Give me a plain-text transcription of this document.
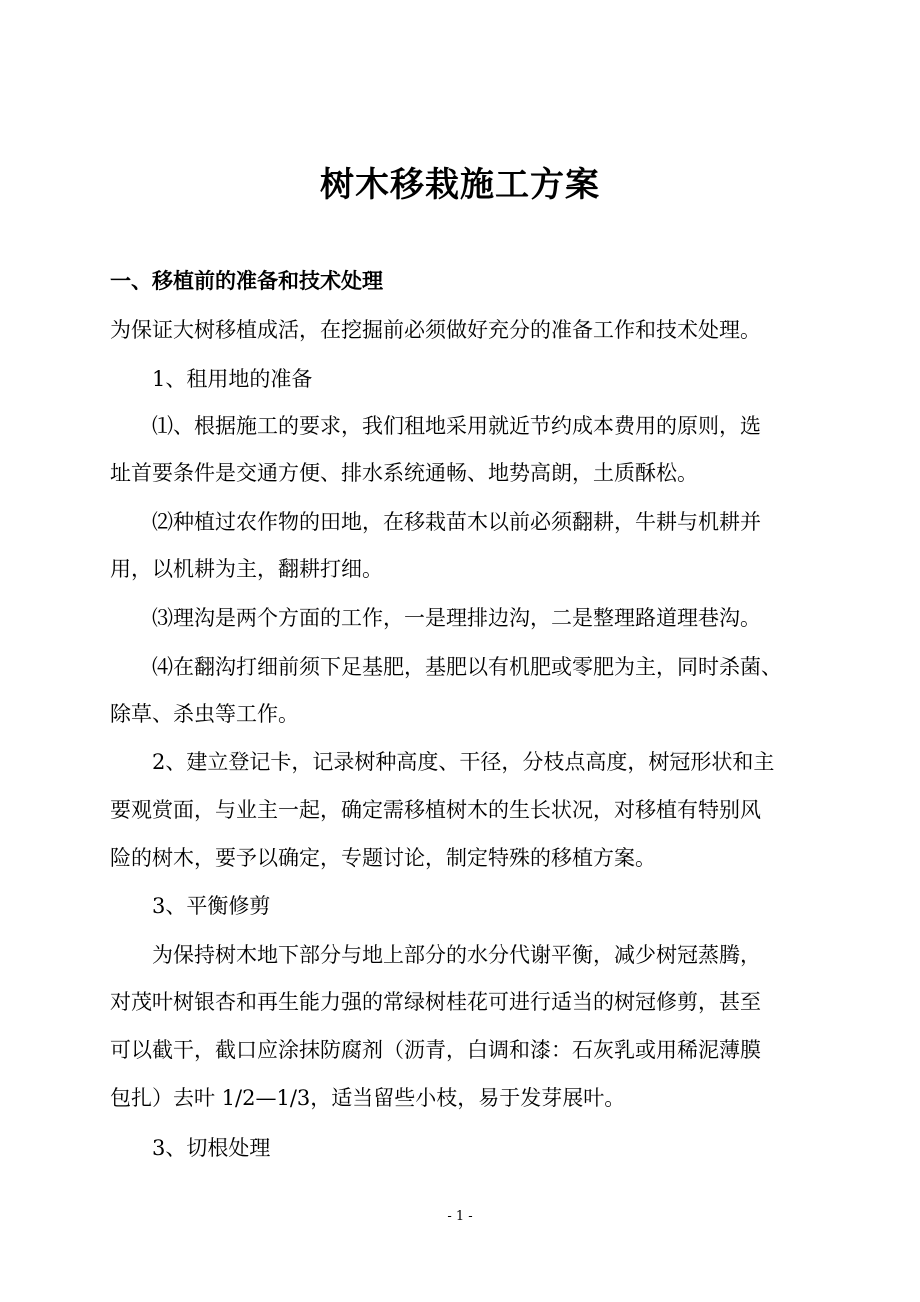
树木移栽施工方案
一、移植前的准备和技术处理
为保证大树移植成活，在挖掘前必须做好充分的准备工作和技术处理。
1、租用地的准备
⑴、根据施工的要求，我们租地采用就近节约成本费用的原则，选
址首要条件是交通方便、排水系统通畅、地势高朗，土质酥松。
⑵种植过农作物的田地，在移栽苗木以前必须翻耕，牛耕与机耕并
用，以机耕为主，翻耕打细。
⑶理沟是两个方面的工作，一是理排边沟，二是整理路道理巷沟。
⑷在翻沟打细前须下足基肥，基肥以有机肥或零肥为主，同时杀菌、
除草、杀虫等工作。
2、建立登记卡，记录树种高度、干径，分枝点高度，树冠形状和主
要观赏面，与业主一起，确定需移植树木的生长状况，对移植有特别风
险的树木，要予以确定，专题讨论，制定特殊的移植方案。
3、平衡修剪
为保持树木地下部分与地上部分的水分代谢平衡，减少树冠蒸腾，
对茂叶树银杏和再生能力强的常绿树桂花可进行适当的树冠修剪，甚至
可以截干，截口应涂抹防腐剂（沥青，白调和漆：石灰乳或用稀泥薄膜
包扎）去叶 1/2—1/3，适当留些小枝，易于发芽展叶。
3、切根处理
- 1 -
